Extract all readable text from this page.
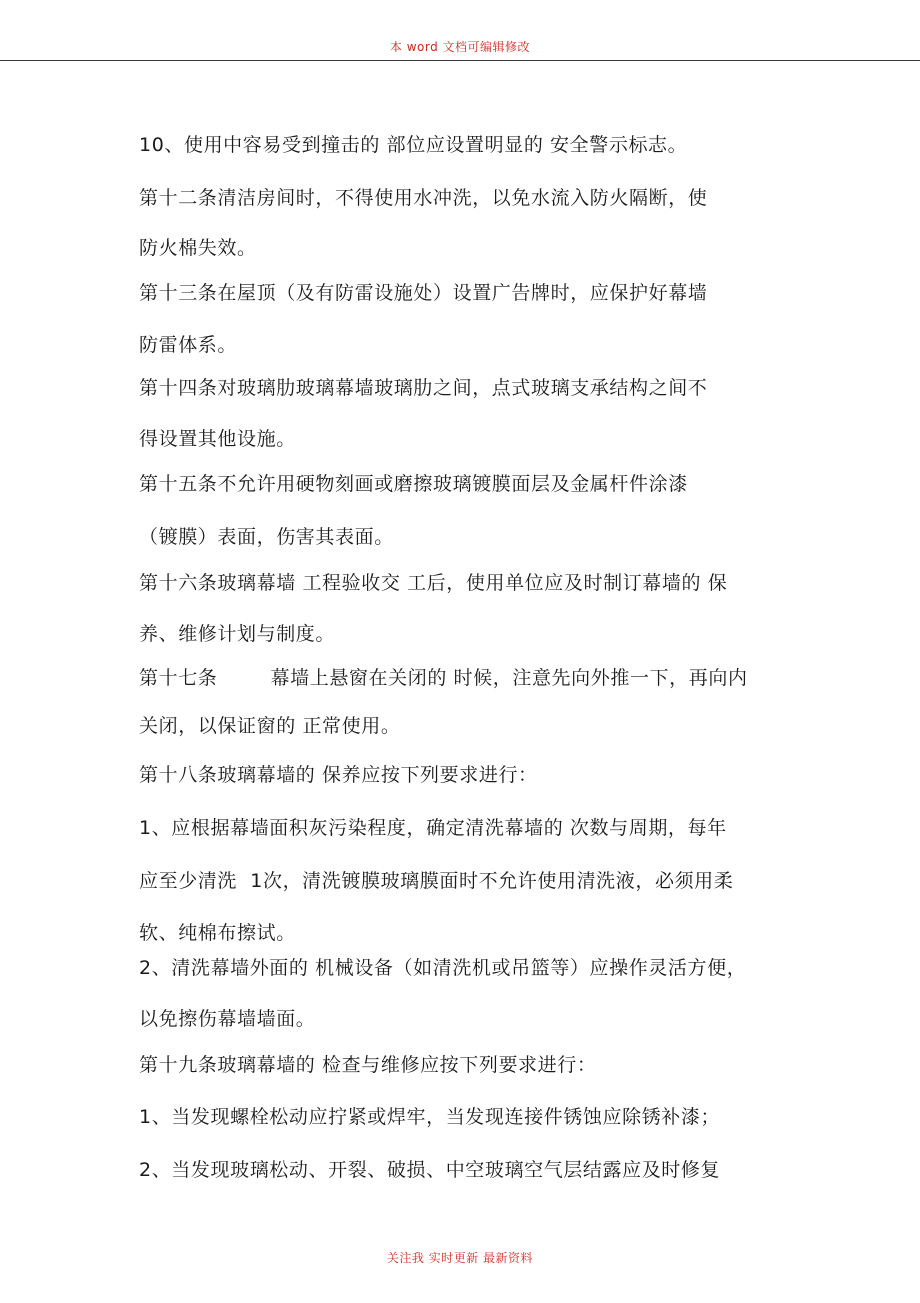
本 word 文档可编辑修改
10、使用中容易受到撞击的 部位应设置明显的 安全警示标志。
第十二条清洁房间时，不得使用水冲洗，以免水流入防火隔断，使
防火棉失效。
第十三条在屋顶（及有防雷设施处）设置广告牌时，应保护好幕墙
防雷体系。
第十四条对玻璃肋玻璃幕墙玻璃肋之间，点式玻璃支承结构之间不
得设置其他设施。
第十五条不允许用硬物刻画或磨擦玻璃镀膜面层及金属杆件涂漆
（镀膜）表面，伤害其表面。
第十六条玻璃幕墙 工程验收交 工后，使用单位应及时制订幕墙的 保
养、维修计划与制度。
第十七条        幕墙上悬窗在关闭的 时候，注意先向外推一下，再向内
关闭，以保证窗的 正常使用。
第十八条玻璃幕墙的 保养应按下列要求进行：
1、应根据幕墙面积灰污染程度，确定清洗幕墙的 次数与周期，每年
应至少清洗  1次，清洗镀膜玻璃膜面时不允许使用清洗液，必须用柔
软、纯棉布擦试。
2、清洗幕墙外面的 机械设备（如清洗机或吊篮等）应操作灵活方便，
以免擦伤幕墙墙面。
第十九条玻璃幕墙的 检查与维修应按下列要求进行：
1、当发现螺栓松动应拧紧或焊牢，当发现连接件锈蚀应除锈补漆；
2、当发现玻璃松动、开裂、破损、中空玻璃空气层结露应及时修复
关注我 实时更新 最新资料
